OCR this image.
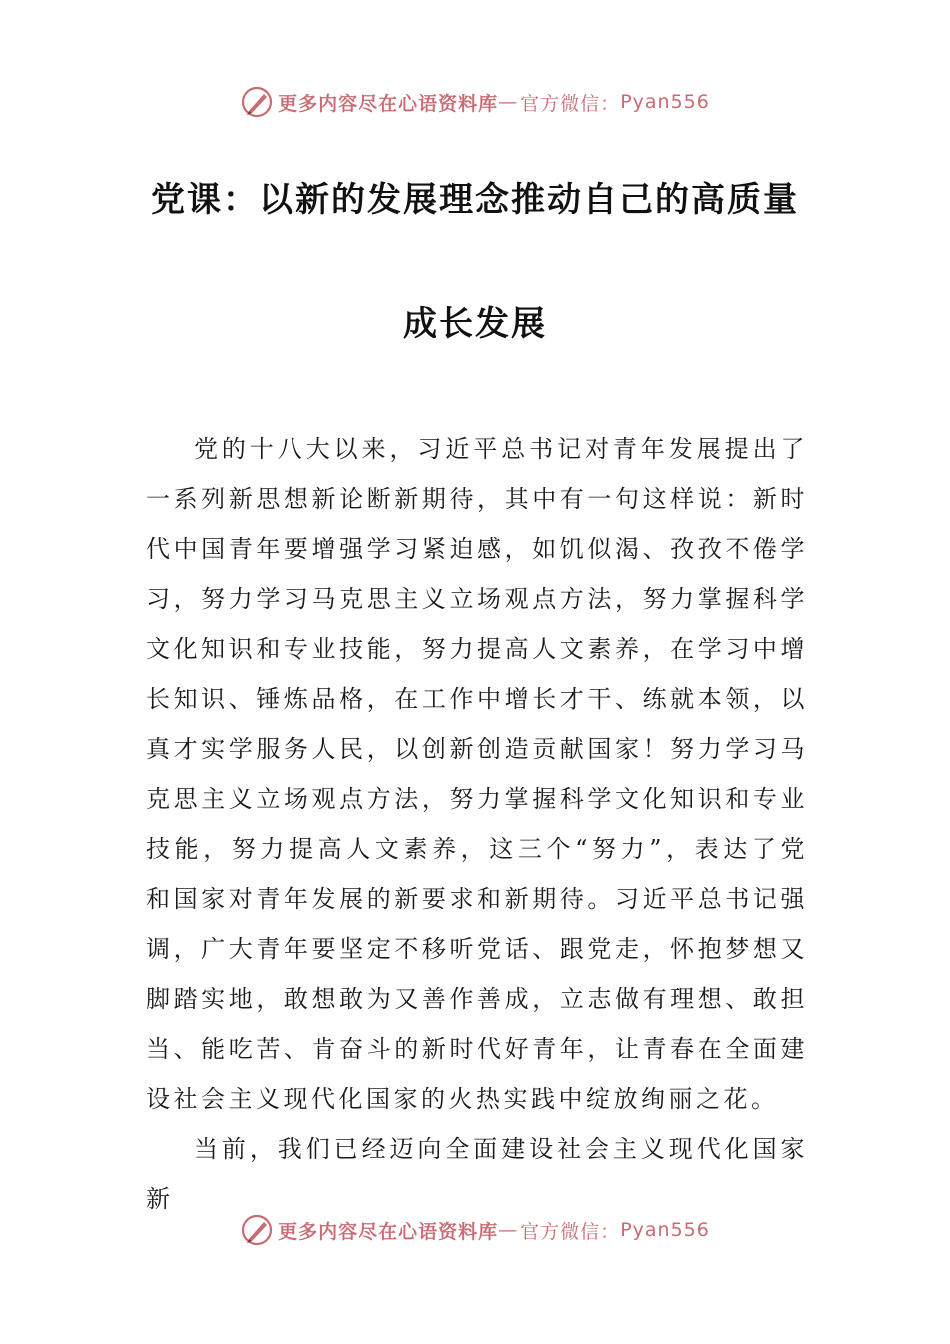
更多内容尽在心语资料库 — 官方微信： Pyan556
党课：以新的发展理念推动自己的高质量
成长发展

党的十八大以来，习近平总书记对青年发展提出了一系列新思想新论断新期待，其中有一句这样说：新时代中国青年要增强学习紧迫感，如饥似渴、孜孜不倦学习，努力学习马克思主义立场观点方法，努力掌握科学文化知识和专业技能，努力提高人文素养，在学习中增长知识、锤炼品格，在工作中增长才干、练就本领，以真才实学服务人民，以创新创造贡献国家！努力学习马克思主义立场观点方法，努力掌握科学文化知识和专业技能，努力提高人文素养，这三个“努力”，表达了党和国家对青年发展的新要求和新期待。习近平总书记强调，广大青年要坚定不移听党话、跟党走，怀抱梦想又脚踏实地，敢想敢为又善作善成，立志做有理想、敢担当、能吃苦、肯奋斗的新时代好青年，让青春在全面建设社会主义现代化国家的火热实践中绽放绚丽之花。

当前，我们已经迈向全面建设社会主义现代化国家新

更多内容尽在心语资料库 — 官方微信： Pyan556
